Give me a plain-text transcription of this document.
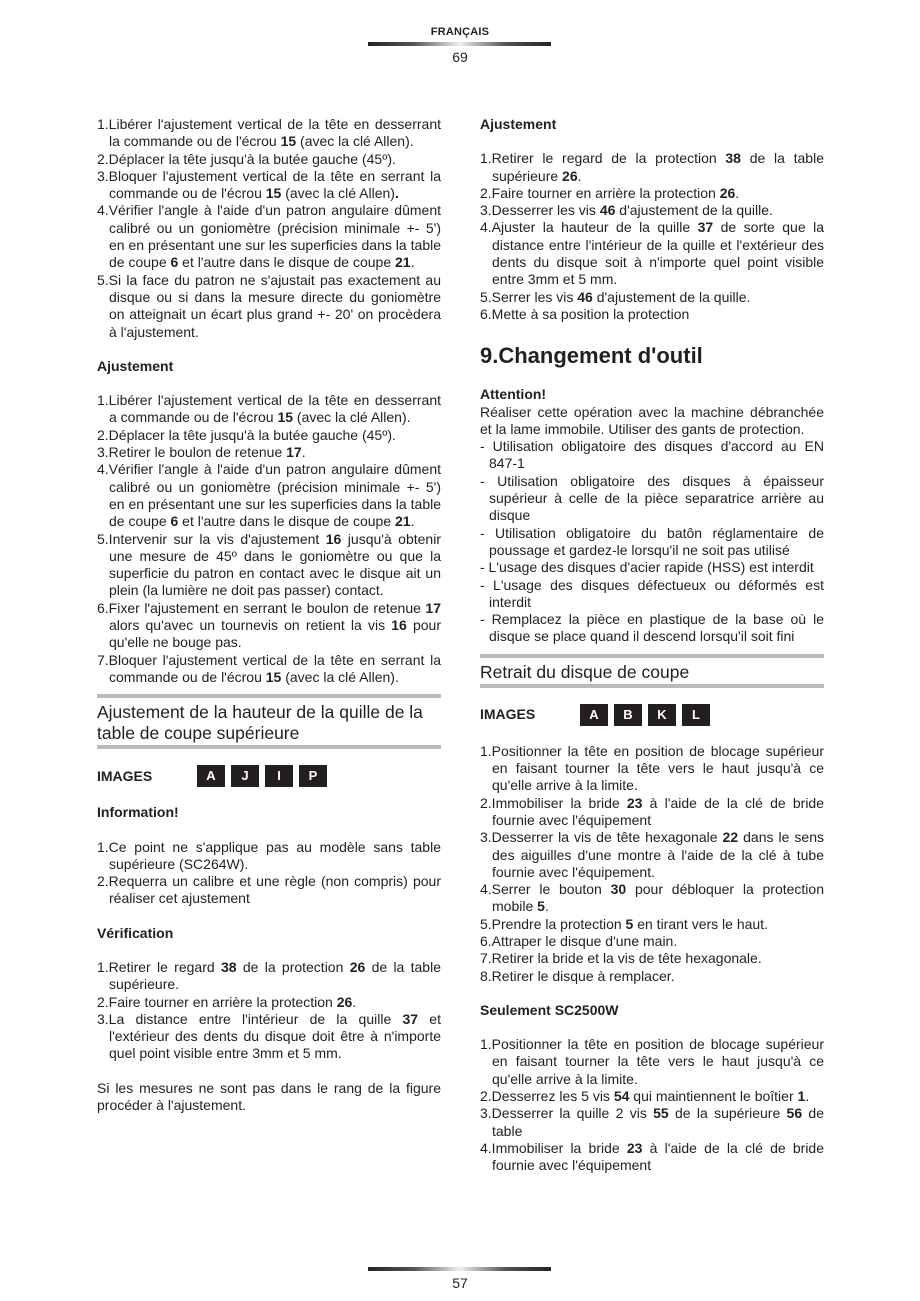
FRANÇAIS
69
1.Libérer l'ajustement vertical de la tête en desserrant la commande ou de l'écrou 15 (avec la clé Allen).
2.Déplacer la tête jusqu'à la butée gauche (45º).
3.Bloquer l'ajustement vertical de la tête en serrant la commande ou de l'écrou 15 (avec la clé Allen).
4.Vérifier l'angle à l'aide d'un patron angulaire dûment calibré ou un goniomètre (précision minimale +- 5') en en présentant une sur les superficies dans la table de coupe 6 et l'autre dans le disque de coupe 21.
5.Si la face du patron ne s'ajustait pas exactement au disque ou si dans la mesure directe du goniomètre on atteignait un écart plus grand +- 20' on procèdera à l'ajustement.
Ajustement
1.Libérer l'ajustement vertical de la tête en desserrant a commande ou de l'écrou 15 (avec la clé Allen).
2.Déplacer la tête jusqu'à la butée gauche (45º).
3.Retirer le boulon de retenue 17.
4.Vérifier l'angle à l'aide d'un patron angulaire dûment calibré ou un goniomètre (précision minimale +- 5') en en présentant une sur les superficies dans la table de coupe 6 et l'autre dans le disque de coupe 21.
5.Intervenir sur la vis d'ajustement 16 jusqu'à obtenir une mesure de 45º dans le goniomètre ou que la superficie du patron en contact avec le disque ait un plein (la lumière ne doit pas passer) contact.
6.Fixer l'ajustement en serrant le boulon de retenue 17 alors qu'avec un tournevis on retient la vis 16 pour qu'elle ne bouge pas.
7.Bloquer l'ajustement vertical de la tête en serrant la commande ou de l'écrou 15 (avec la clé Allen).
Ajustement de la hauteur de la quille de la table de coupe supérieure
IMAGES	A	J	I	P
Information!
1.Ce point ne s'applique pas au modèle sans table supérieure (SC264W).
2.Requerra un calibre et une règle (non compris) pour réaliser cet ajustement
Vérification
1.Retirer le regard 38 de la protection 26 de la table supérieure.
2.Faire tourner en arrière la protection 26.
3.La distance entre l'intérieur de la quille 37 et l'extérieur des dents du disque doit être à n'importe quel point visible entre 3mm et 5 mm.
Si les mesures ne sont pas dans le rang de la figure procéder à l'ajustement.
Ajustement
1.Retirer le regard de la protection 38 de la table supérieure 26.
2.Faire tourner en arrière la protection 26.
3.Desserrer les vis 46 d'ajustement de la quille.
4.Ajuster la hauteur de la quille 37 de sorte que la distance entre l'intérieur de la quille et l'extérieur des dents du disque soit à n'importe quel point visible entre 3mm et 5 mm.
5.Serrer les vis 46 d'ajustement de la quille.
6.Mette à sa position la protection
9.Changement d'outil
Attention!
Réaliser cette opération avec la machine débranchée et la lame immobile. Utiliser des gants de protection.
- Utilisation obligatoire des disques d'accord au EN 847-1
- Utilisation obligatoire des disques à épaisseur supérieur à celle de la pièce separatrice arrière au disque
- Utilisation obligatoire du batôn réglamentaire de poussage et gardez-le lorsqu'il ne soit pas utilisé
- L'usage des disques d'acier rapide (HSS) est interdit
- L'usage des disques défectueux ou déformés est interdit
- Remplacez la pièce en plastique de la base où le disque se place quand il descend lorsqu'il soit fini
Retrait du disque de coupe
IMAGES	A	B	K	L
1.Positionner la tête en position de blocage supérieur en faisant tourner la tête vers le haut jusqu'à ce qu'elle arrive à la limite.
2.Immobiliser la bride 23 à l'aide de la clé de bride fournie avec l'équipement
3.Desserrer la vis de tête hexagonale 22 dans le sens des aiguilles d'une montre à l'aide de la clé à tube fournie avec l'équipement.
4.Serrer le bouton 30 pour débloquer la protection mobile 5.
5.Prendre la protection 5 en tirant vers le haut.
6.Attraper le disque d'une main.
7.Retirer la bride et la vis de tête hexagonale.
8.Retirer le disque à remplacer.
Seulement SC2500W
1.Positionner la tête en position de blocage supérieur en faisant tourner la tête vers le haut jusqu'à ce qu'elle arrive à la limite.
2.Desserrez les 5 vis 54 qui maintiennent le boîtier 1.
3.Desserrer la quille 2 vis 55 de la supérieure 56 de table
4.Immobiliser la bride 23 à l'aide de la clé de bride fournie avec l'équipement
57
